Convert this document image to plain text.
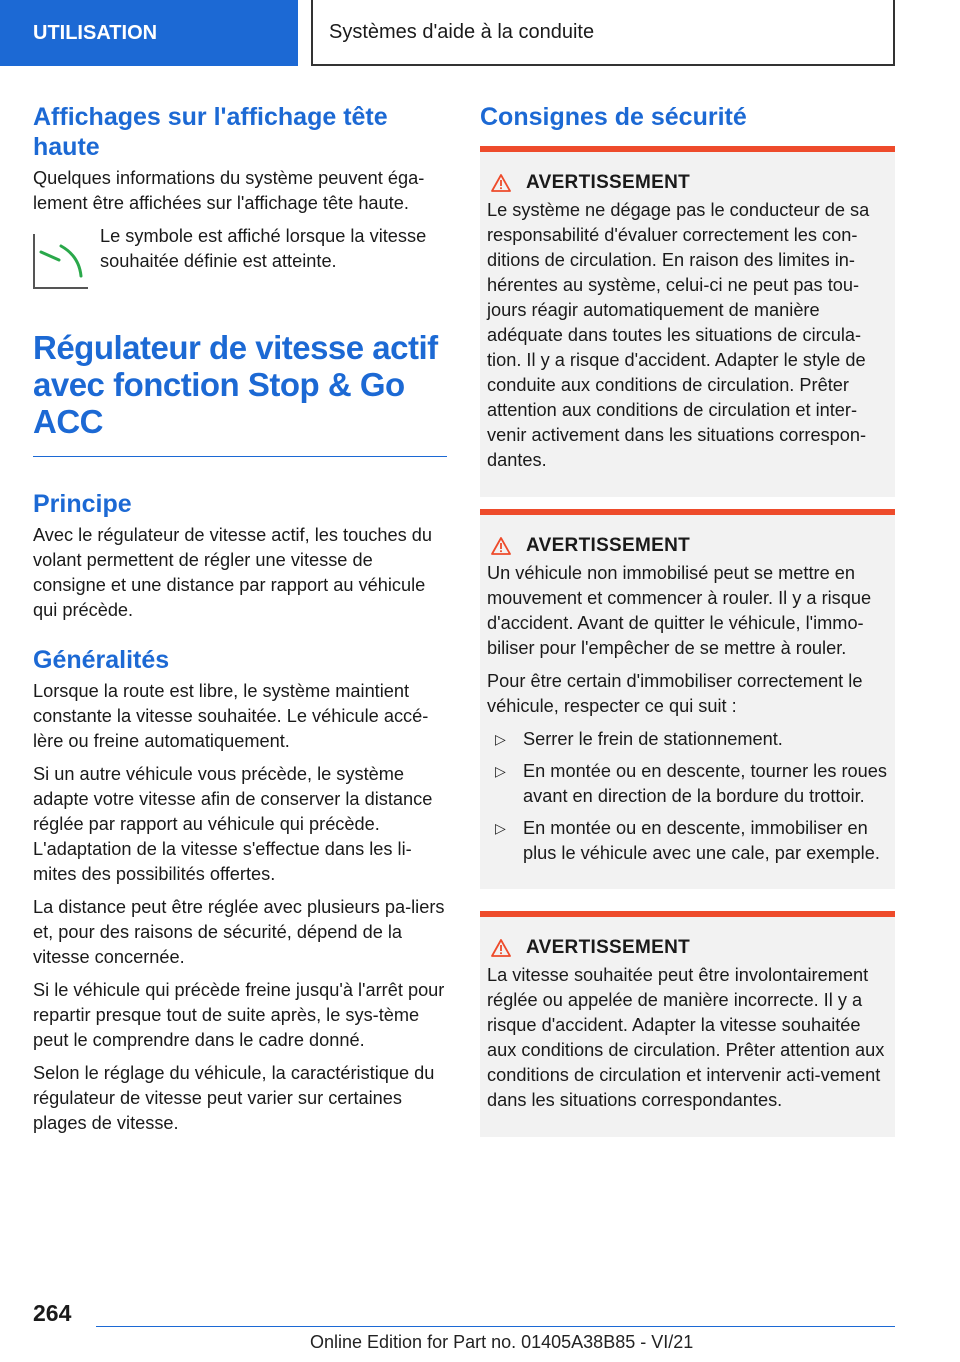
UTILISATION	Systèmes d'aide à la conduite
Affichages sur l'affichage tête haute

Quelques informations du système peuvent éga-lement être affichées sur l'affichage tête haute.

Le symbole est affiché lorsque la vitesse souhaitée définie est atteinte.

Régulateur de vitesse actif avec fonction Stop & Go ACC
Principe

Avec le régulateur de vitesse actif, les touches du volant permettent de régler une vitesse de consigne et une distance par rapport au véhicule qui précède.

Généralités

Lorsque la route est libre, le système maintient constante la vitesse souhaitée. Le véhicule accé-lère ou freine automatiquement.

Si un autre véhicule vous précède, le système adapte votre vitesse afin de conserver la distance réglée par rapport au véhicule qui précède. L'adaptation de la vitesse s'effectue dans les li-mites des possibilités offertes.

La distance peut être réglée avec plusieurs pa-liers et, pour des raisons de sécurité, dépend de la vitesse concernée.

Si le véhicule qui précède freine jusqu'à l'arrêt pour repartir presque tout de suite après, le sys-tème peut le comprendre dans le cadre donné.

Selon le réglage du véhicule, la caractéristique du régulateur de vitesse peut varier sur certaines plages de vitesse.

Consignes de sécurité
AVERTISSEMENT

Le système ne dégage pas le conducteur de sa responsabilité d'évaluer correctement les con-ditions de circulation. En raison des limites in-hérentes au système, celui-ci ne peut pas tou-jours réagir automatiquement de manière adéquate dans toutes les situations de circula-tion. Il y a risque d'accident. Adapter le style de conduite aux conditions de circulation. Prêter attention aux conditions de circulation et inter-venir activement dans les situations correspon-dantes.

AVERTISSEMENT

Un véhicule non immobilisé peut se mettre en mouvement et commencer à rouler. Il y a risque d'accident. Avant de quitter le véhicule, l'immo-biliser pour l'empêcher de se mettre à rouler.

Pour être certain d'immobiliser correctement le véhicule, respecter ce qui suit :

▷ Serrer le frein de stationnement.
▷ En montée ou en descente, tourner les roues avant en direction de la bordure du trottoir.
▷ En montée ou en descente, immobiliser en plus le véhicule avec une cale, par exemple.
AVERTISSEMENT

La vitesse souhaitée peut être involontairement réglée ou appelée de manière incorrecte. Il y a risque d'accident. Adapter la vitesse souhaitée aux conditions de circulation. Prêter attention aux conditions de circulation et intervenir acti-vement dans les situations correspondantes.

264
Online Edition for Part no. 01405A38B85 - VI/21
